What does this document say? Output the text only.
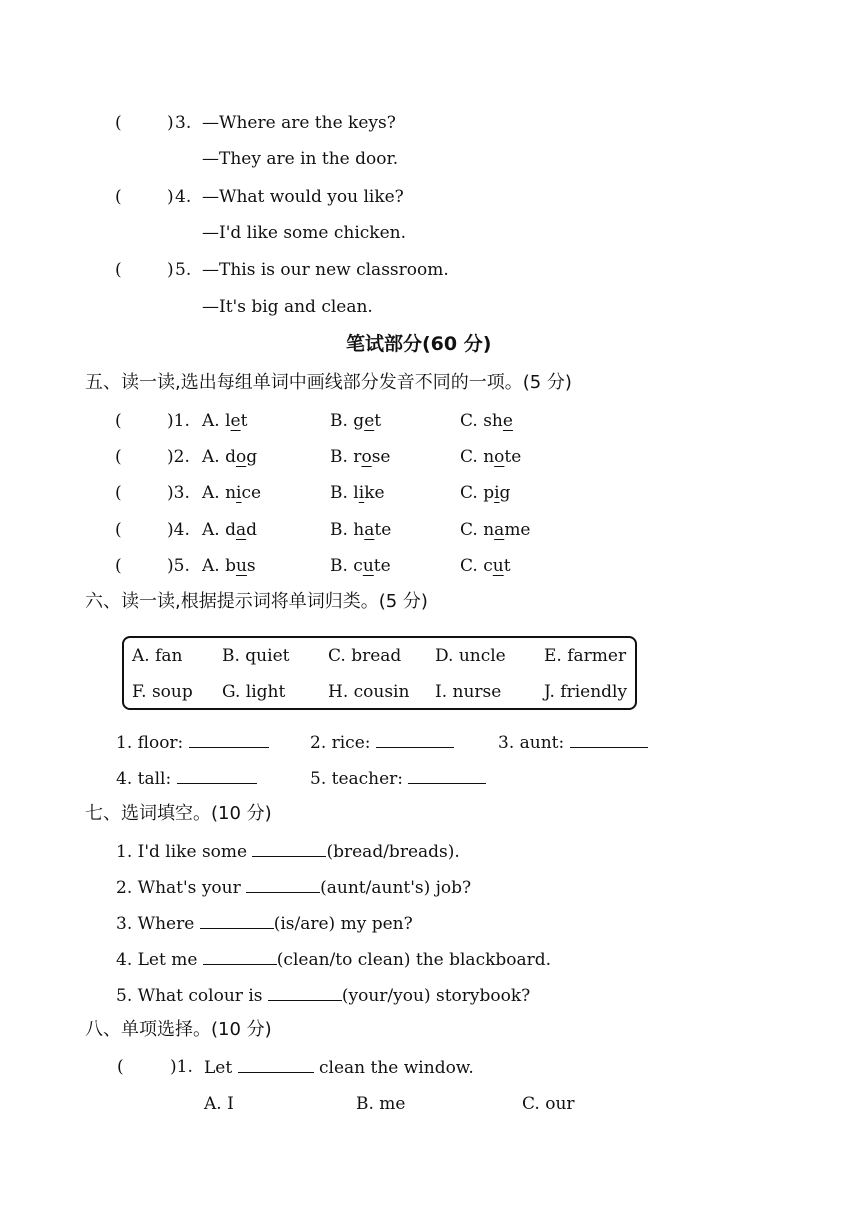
(	) 3. —Where are the keys?
—They are in the door.
(	) 4. —What would you like?
—I'd like some chicken.
(	) 5. —This is our new classroom.
—It's big and clean.
笔试部分(60 分)
五、读一读,选出每组单词中画线部分发音不同的一项。(5 分)
(	)1. A. let	B. get	C. she
(	)2. A. dog	B. rose	C. note
(	)3. A. nice	B. like	C. pig
(	)4. A. dad	B. hate	C. name
(	)5. A. bus	B. cute	C. cut
六、读一读,根据提示词将单词归类。(5 分)
A. fan B. quiet C. bread D. uncle E. farmer
F. soup G. light	H. cousin I. nurse	J. friendly
1. floor:	2. rice:	3. aunt:
4. tall:	5. teacher:
七、选词填空。(10 分)
1. I'd like some	(bread/breads).
2. What's your	(aunt/aunt's) job?
3. Where	(is/are) my pen?
4. Let me	(clean/to clean) the blackboard.
5. What colour is	(your/you) storybook?
八、单项选择。(10 分)
(	)1. Let	clean the window.
A. I	B. me	C. our
